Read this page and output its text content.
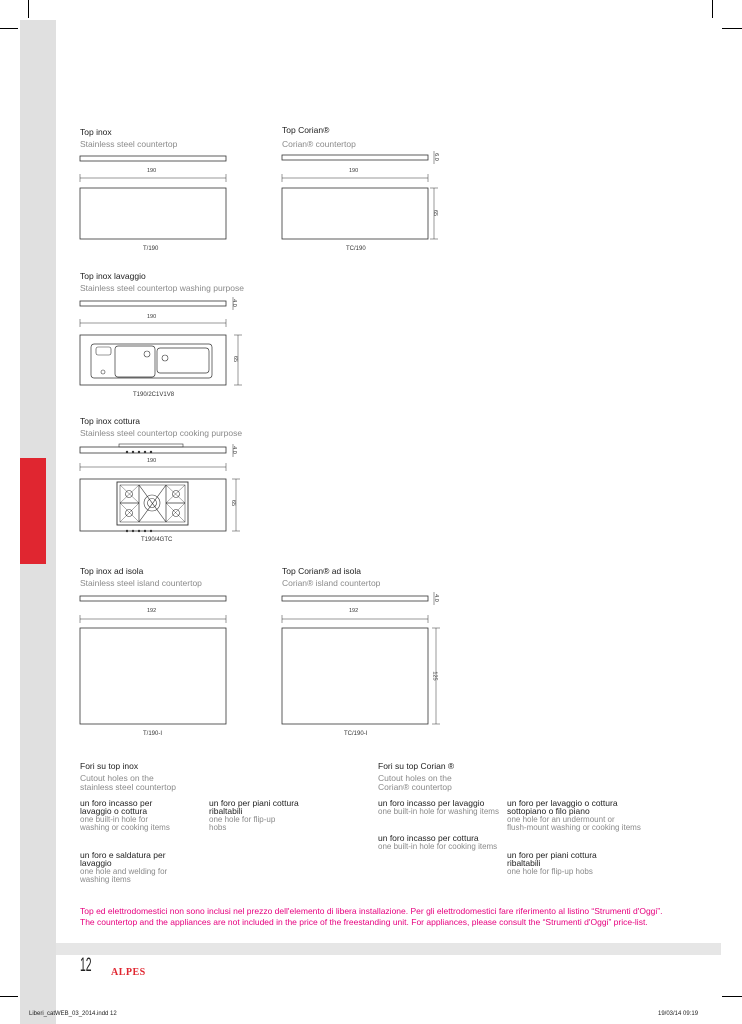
Top inox
Stainless steel countertop
190
T/190
Top Corian®
Corian® countertop
190
6.0
65
TC/190
Top inox lavaggio
Stainless steel countertop washing purpose
190
4.0
65
T190/2C1V1V8
Top inox cottura
Stainless steel countertop cooking purpose
190
4.0
65
T190/4GTC
Top inox ad isola
Stainless steel island countertop
192
T/190-I
Top Corian® ad isola
Corian® island countertop
192
4.0
125
TC/190-I
Fori su top inox
Cutout holes on the
stainless steel countertop
un foro incasso per
lavaggio o cottura
one built-in hole for
washing or cooking items
un foro per piani cottura
ribaltabili
one hole for flip-up
hobs
un foro e saldatura per
lavaggio
one hole and welding for
washing items
Fori su top Corian ®
Cutout holes on the
Corian® countertop
un foro incasso per lavaggio
one built-in hole for washing items
un foro per lavaggio o cottura
sottopiano o filo piano
one hole for an undermount or
flush-mount washing or cooking items
un foro incasso per cottura
one built-in hole for cooking items
un foro per piani cottura
ribaltabili
one hole for flip-up hobs
Top ed elettrodomestici non sono inclusi nel prezzo dell'elemento di libera installazione. Per gli elettrodomestici fare riferimento al listino “Strumenti d'Oggi”.
The countertop and the appliances are not included in the price of the freestanding unit. For appliances, please consult the “Strumenti d'Oggi” price-list.
12 ALPES
Liberi_catWEB_03_2014.indd 12	19/03/14 09:19
